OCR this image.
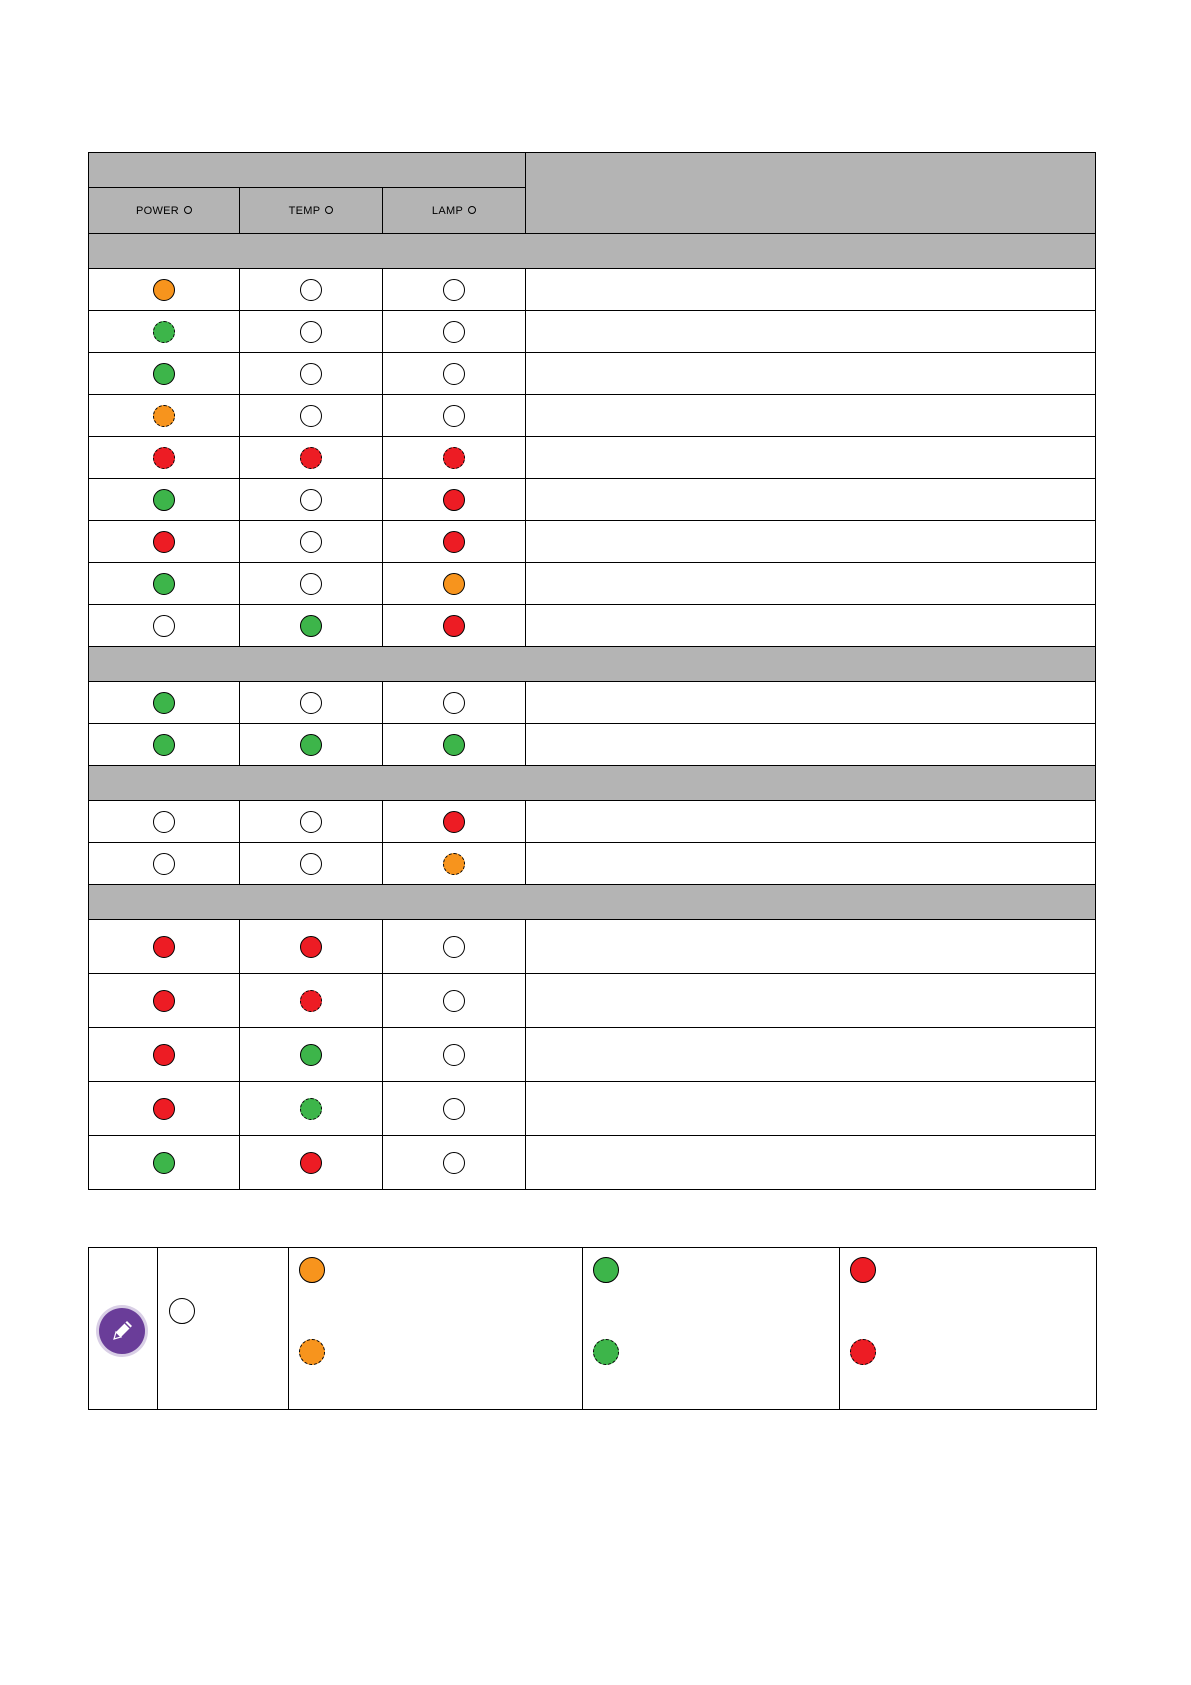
POWER	TEMP	LAMP	
